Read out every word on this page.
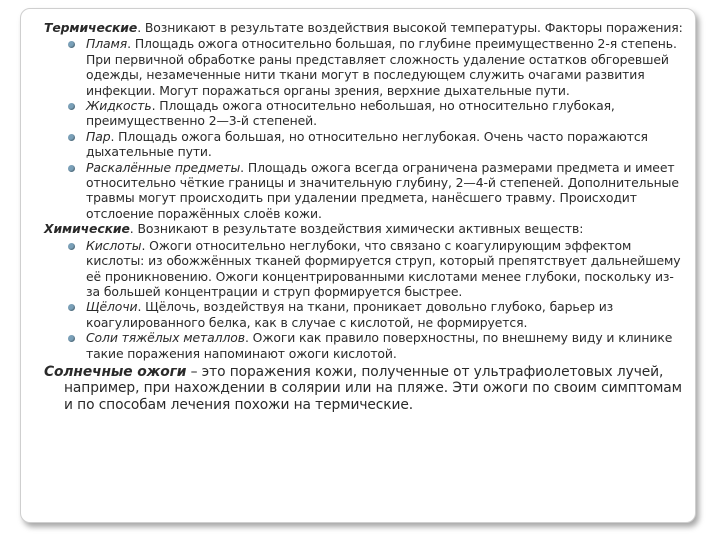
Термические. Возникают в результате воздействия высокой температуры. Факторы поражения:

Пламя. Площадь ожога относительно большая, по глубине преимущественно 2-я степень. При первичной обработке раны представляет сложность удаление остатков обгоревшей одежды, незамеченные нити ткани могут в последующем служить очагами развития инфекции. Могут поражаться органы зрения, верхние дыхательные пути.
Жидкость. Площадь ожога относительно небольшая, но относительно глубокая, преимущественно 2—3-й степеней.
Пар. Площадь ожога большая, но относительно неглубокая. Очень часто поражаются дыхательные пути.
Раскалённые предметы. Площадь ожога всегда ограничена размерами предмета и имеет относительно чёткие границы и значительную глубину, 2—4-й степеней. Дополнительные травмы могут происходить при удалении предмета, нанёсшего травму. Происходит отслоение поражённых слоёв кожи.

Химические. Возникают в результате воздействия химически активных веществ:

Кислоты. Ожоги относительно неглубоки, что связано с коагулирующим эффектом кислоты: из обожжённых тканей формируется струп, который препятствует дальнейшему её проникновению. Ожоги концентрированными кислотами менее глубоки, поскольку из-за большей концентрации и струп формируется быстрее.
Щёлочи. Щёлочь, воздействуя на ткани, проникает довольно глубоко, барьер из коагулированного белка, как в случае с кислотой, не формируется.
Соли тяжёлых металлов. Ожоги как правило поверхностны, по внешнему виду и клинике такие поражения напоминают ожоги кислотой.

Солнечные ожоги – это поражения кожи, полученные от ультрафиолетовых лучей, например, при нахождении в солярии или на пляже. Эти ожоги по своим симптомам и по способам лечения похожи на термические.
